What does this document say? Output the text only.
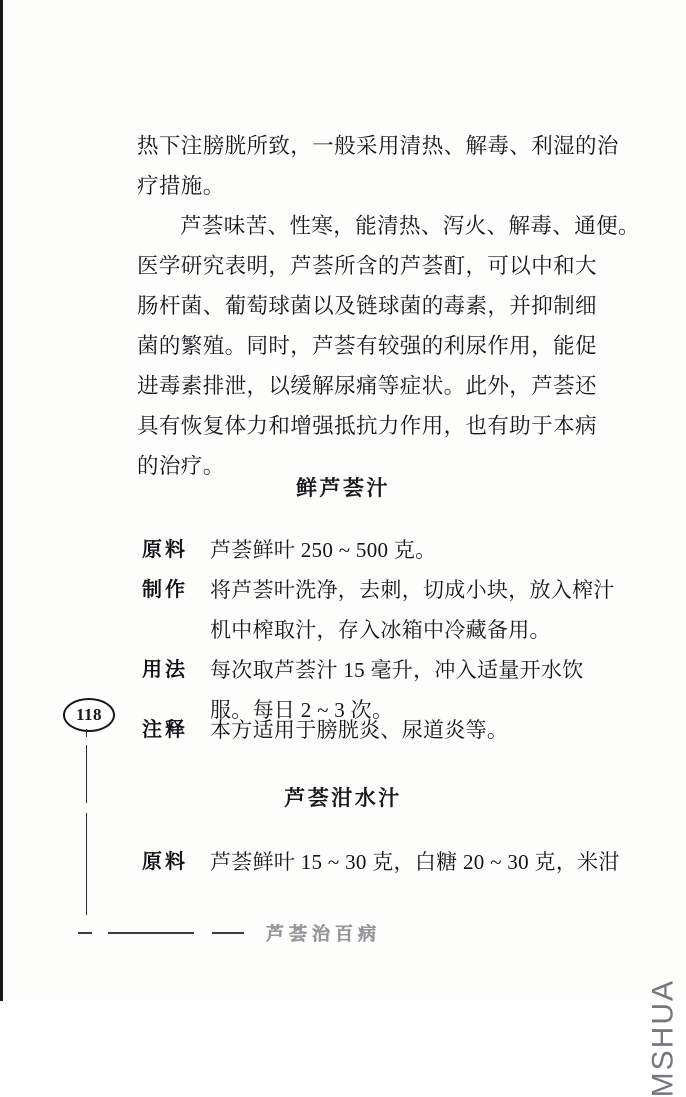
热下注膀胱所致，一般采用清热、解毒、利湿的治
疗措施。
芦荟味苦、性寒，能清热、泻火、解毒、通便。
医学研究表明，芦荟所含的芦荟酊，可以中和大
肠杆菌、葡萄球菌以及链球菌的毒素，并抑制细
菌的繁殖。同时，芦荟有较强的利尿作用，能促
进毒素排泄，以缓解尿痛等症状。此外，芦荟还
具有恢复体力和增强抵抗力作用，也有助于本病
的治疗。
鲜芦荟汁
原料	芦荟鲜叶 250 ~ 500 克。
制作	将芦荟叶洗净，去刺，切成小块，放入榨汁
机中榨取汁，存入冰箱中冷藏备用。
用法	每次取芦荟汁 15 毫升，冲入适量开水饮
服。每日 2 ~ 3 次。
注释	本方适用于膀胱炎、尿道炎等。
芦荟泔水汁
原料	芦荟鲜叶 15 ~ 30 克，白糖 20 ~ 30 克，米泔
118
芦荟治百病
MSHUA
